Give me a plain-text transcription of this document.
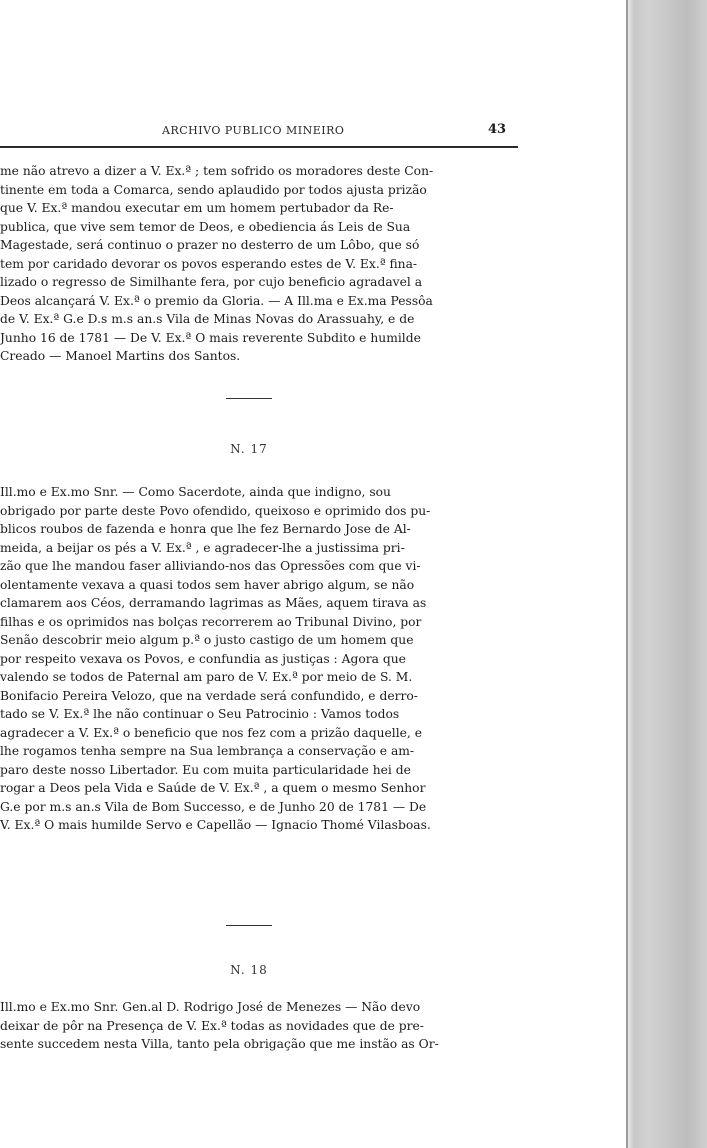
ARCHIVO PUBLICO MINEIRO	43

me não atrevo a dizer a V. Ex.ª ; tem sofrido os moradores deste Con-
tinente em toda a Comarca, sendo aplaudido por todos ajusta prizão
que V. Ex.ª mandou executar em um homem pertubador da Re-
publica, que vive sem temor de Deos, e obediencia ás Leis de Sua
Magestade, será continuo o prazer no desterro de um Lôbo, que só
tem por caridado devorar os povos esperando estes de V. Ex.ª fina-
lizado o regresso de Similhante fera, por cujo beneficio agradavel a
Deos alcançará V. Ex.ª o premio da Gloria. — A Ill.ma e Ex.ma Pessôa
de V. Ex.ª G.e D.s m.s an.s Vila de Minas Novas do Arassuahy, e de
Junho 16 de 1781 — De V. Ex.ª O mais reverente Subdito e humilde
Creado — Manoel Martins dos Santos.

N. 17

Ill.mo e Ex.mo Snr. — Como Sacerdote, ainda que indigno, sou
obrigado por parte deste Povo ofendido, queixoso e oprimido dos pu-
blicos roubos de fazenda e honra que lhe fez Bernardo Jose de Al-
meida, a beijar os pés a V. Ex.ª , e agradecer-lhe a justissima pri-
zão que lhe mandou faser alliviando-nos das Opressões com que vi-
olentamente vexava a quasi todos sem haver abrigo algum, se não
clamarem aos Céos, derramando lagrimas as Mães, aquem tirava as
filhas e os oprimidos nas bolças recorrerem ao Tribunal Divino, por
Senão descobrir meio algum p.ª o justo castigo de um homem que
por respeito vexava os Povos, e confundia as justiças : Agora que
valendo se todos de Paternal am paro de V. Ex.ª por meio de S. M.
Bonifacio Pereira Velozo, que na verdade será confundido, e derro-
tado se V. Ex.ª lhe não continuar o Seu Patrocinio : Vamos todos
agradecer a V. Ex.ª o beneficio que nos fez com a prizão daquelle, e
lhe rogamos tenha sempre na Sua lembrança a conservação e am-
paro deste nosso Libertador. Eu com muita particularidade hei de
rogar a Deos pela Vida e Saúde de V. Ex.ª , a quem o mesmo Senhor
G.e por m.s an.s Vila de Bom Successo, e de Junho 20 de 1781 — De
V. Ex.ª O mais humilde Servo e Capellão — Ignacio Thomé Vilasboas.

N. 18

Ill.mo e Ex.mo Snr. Gen.al D. Rodrigo José de Menezes — Não devo
deixar de pôr na Presença de V. Ex.ª todas as novidades que de pre-
sente succedem nesta Villa, tanto pela obrigação que me instão as Or-
